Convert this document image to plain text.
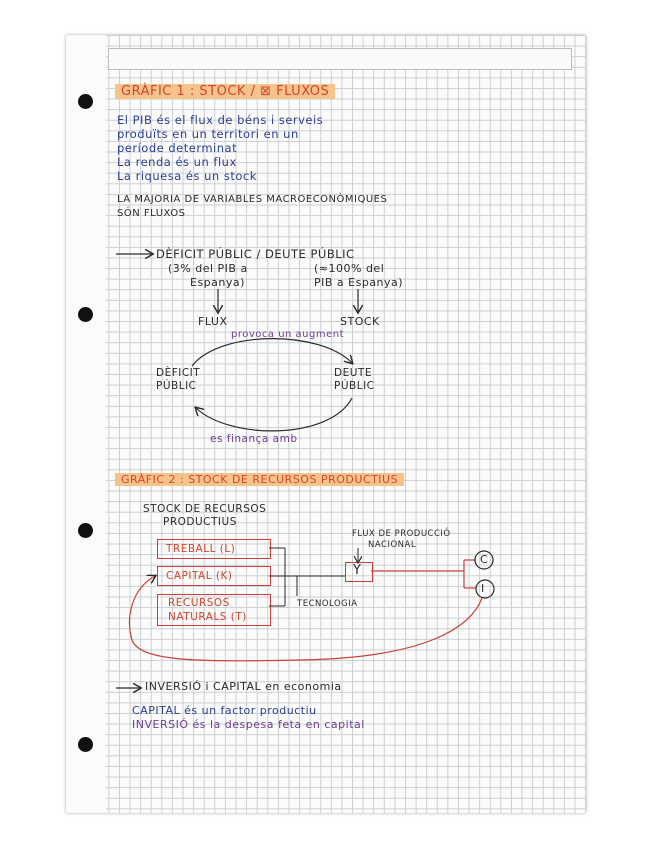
GRÀFIC 1 : STOCK / ⊠ FLUXOS
El PIB és el flux de béns i serveis
produïts en un territori en un
període determinat
La renda és un flux
La riquesa és un stock
LA MAJORIA DE VARIABLES MACROECONÒMIQUES
SÓN FLUXOS
DÈFICIT PÚBLIC / DEUTE PÚBLIC
(3% del PIB a
Espanya)
(≈100% del
PIB a Espanya)
FLUX	STOCK
provoca un augment
DÈFICIT
PÚBLIC
DEUTE
PÚBLIC
es finança amb
GRÀFIC 2 : STOCK DE RECURSOS PRODUCTIUS
STOCK DE RECURSOS
PRODUCTIUS
TREBALL (L)
CAPITAL (K)
RECURSOS
NATURALS (T)
FLUX DE PRODUCCIÓ
NACIONAL
Y
TECNOLOGIA
C
I
INVERSIÓ i CAPITAL en economia
CAPITAL és un factor productiu
INVERSIÓ és la despesa feta en capital
